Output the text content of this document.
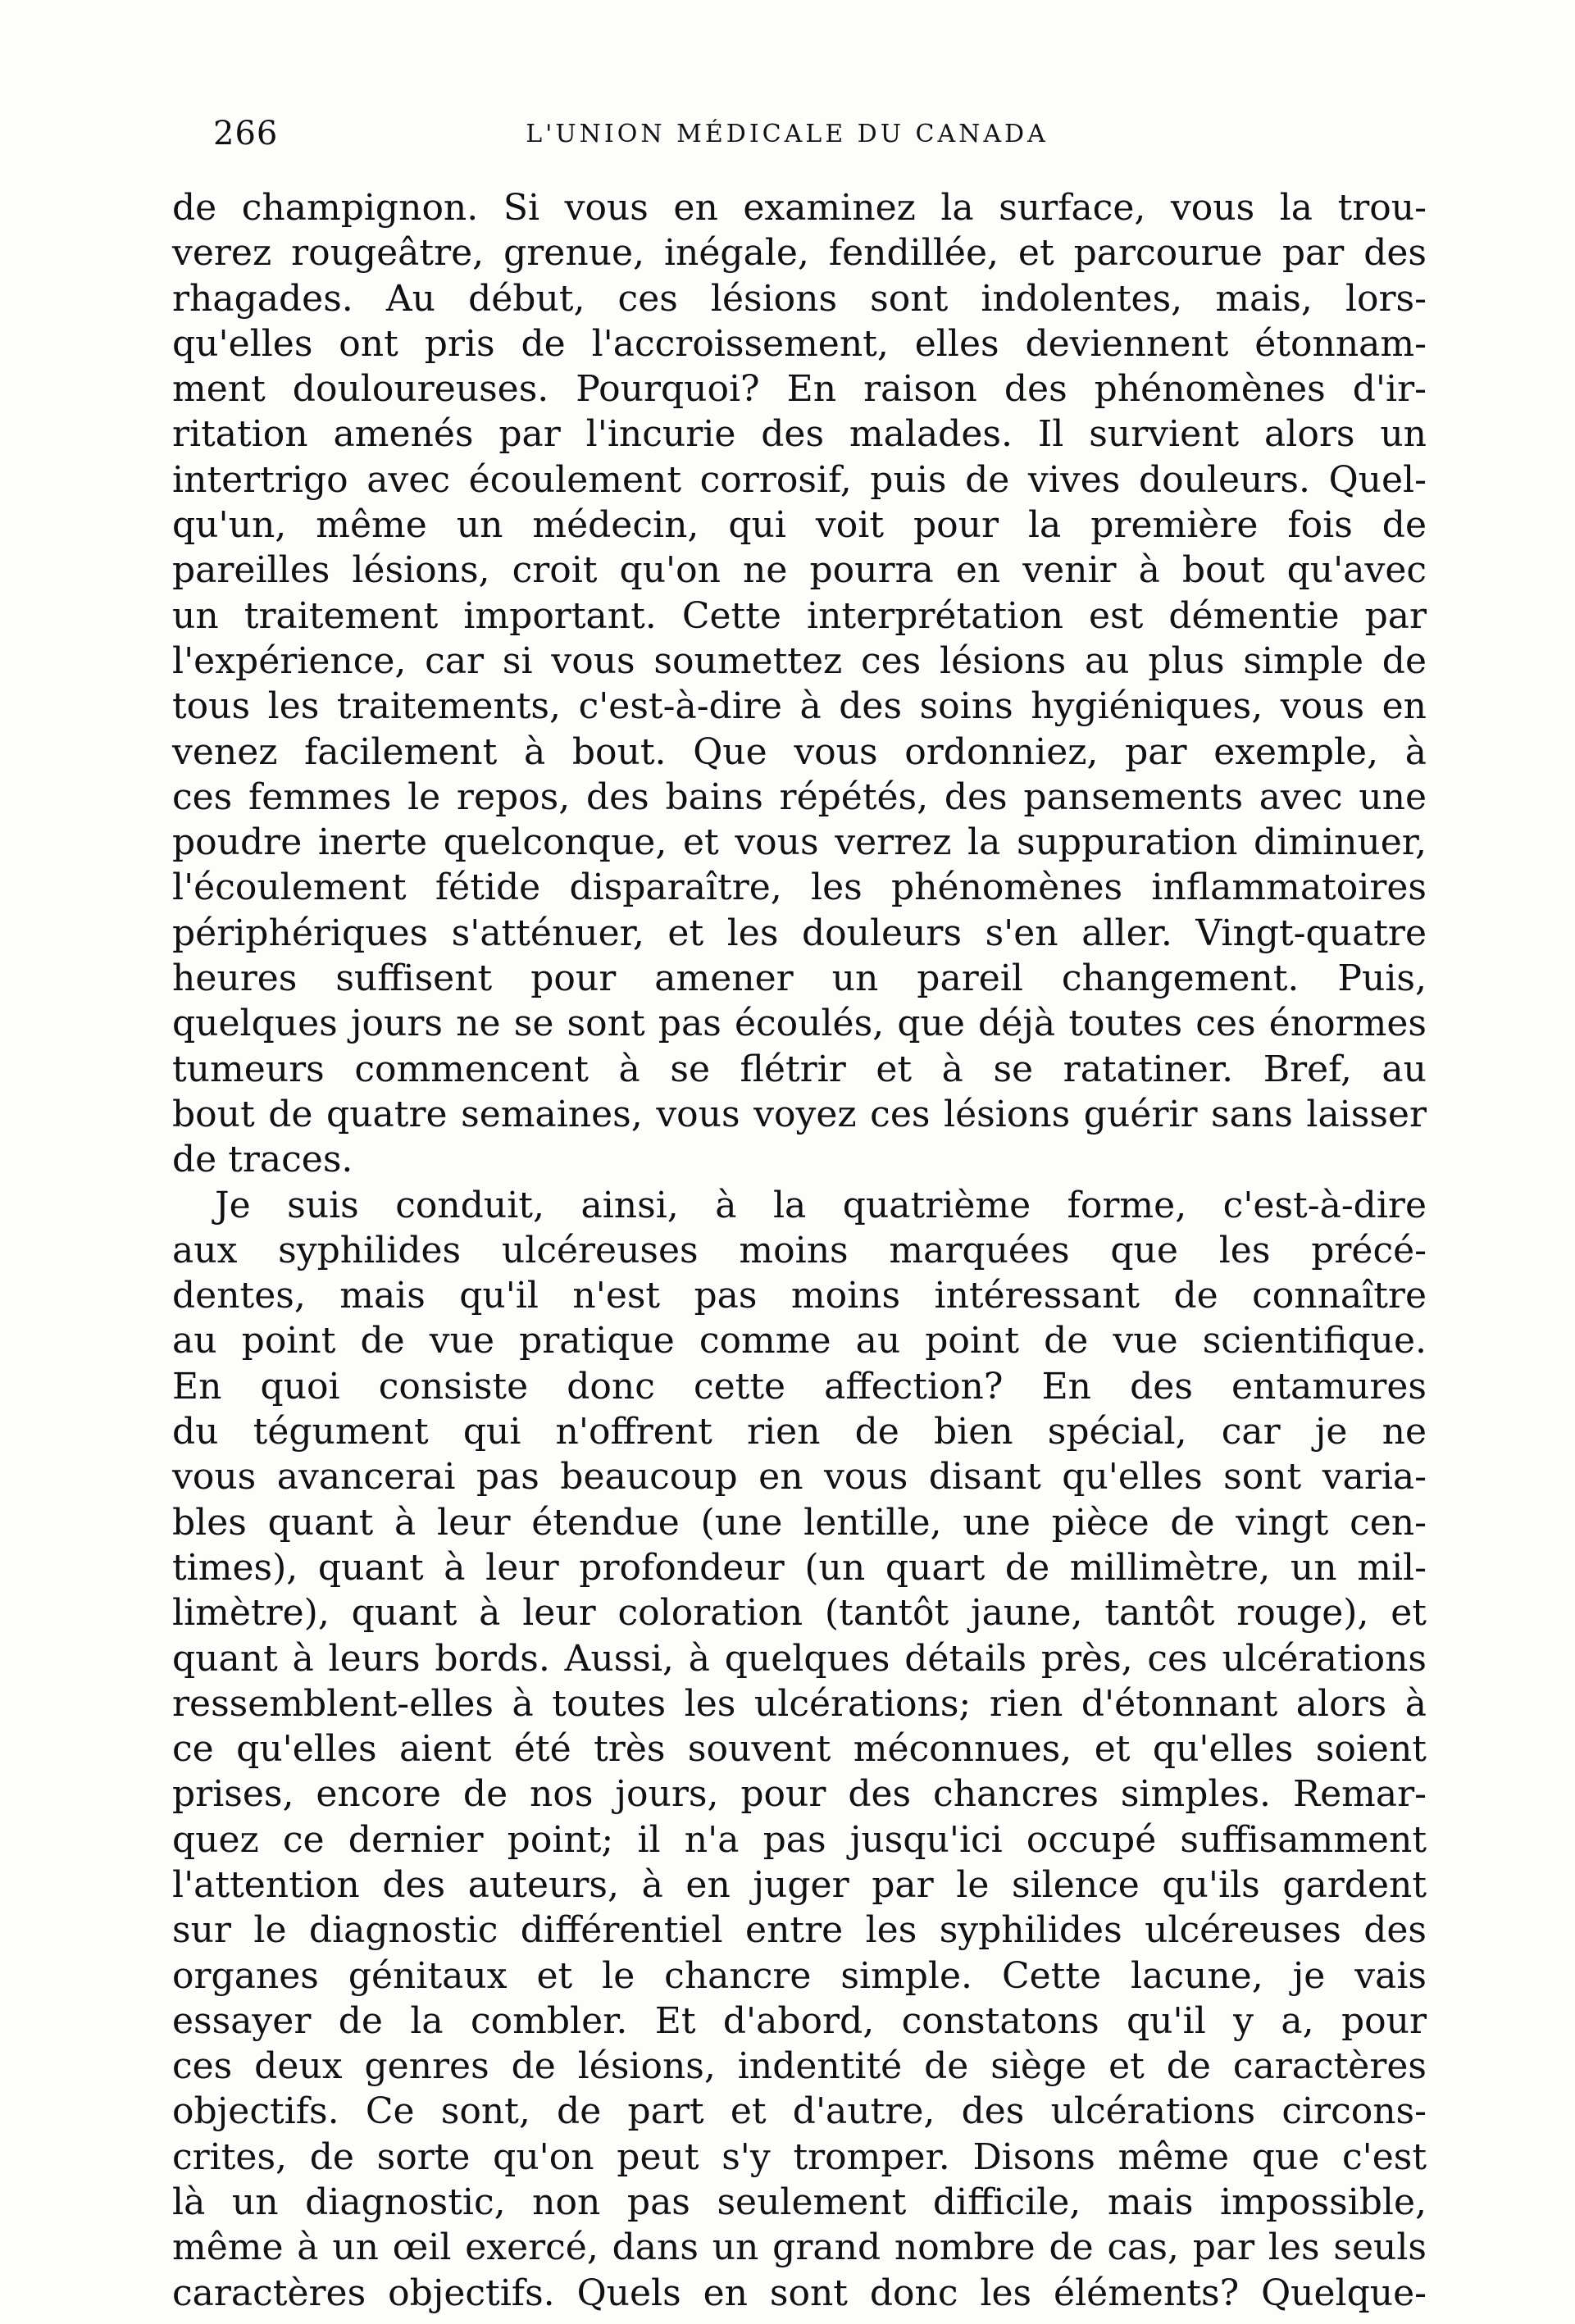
266	L'UNION MÉDICALE DU CANADA
de champignon. Si vous en examinez la surface, vous la trou-
verez rougeâtre, grenue, inégale, fendillée, et parcourue par des
rhagades. Au début, ces lésions sont indolentes, mais, lors-
qu'elles ont pris de l'accroissement, elles deviennent étonnam-
ment douloureuses. Pourquoi? En raison des phénomènes d'ir-
ritation amenés par l'incurie des malades. Il survient alors un
intertrigo avec écoulement corrosif, puis de vives douleurs. Quel-
qu'un, même un médecin, qui voit pour la première fois de
pareilles lésions, croit qu'on ne pourra en venir à bout qu'avec
un traitement important. Cette interprétation est démentie par
l'expérience, car si vous soumettez ces lésions au plus simple de
tous les traitements, c'est-à-dire à des soins hygiéniques, vous en
venez facilement à bout. Que vous ordonniez, par exemple, à
ces femmes le repos, des bains répétés, des pansements avec une
poudre inerte quelconque, et vous verrez la suppuration diminuer,
l'écoulement fétide disparaître, les phénomènes inflammatoires
périphériques s'atténuer, et les douleurs s'en aller. Vingt-quatre
heures suffisent pour amener un pareil changement. Puis,
quelques jours ne se sont pas écoulés, que déjà toutes ces énormes
tumeurs commencent à se flétrir et à se ratatiner. Bref, au
bout de quatre semaines, vous voyez ces lésions guérir sans laisser
de traces.
Je suis conduit, ainsi, à la quatrième forme, c'est-à-dire
aux syphilides ulcéreuses moins marquées que les précé-
dentes, mais qu'il n'est pas moins intéressant de connaître
au point de vue pratique comme au point de vue scientifique.
En quoi consiste donc cette affection? En des entamures
du tégument qui n'offrent rien de bien spécial, car je ne
vous avancerai pas beaucoup en vous disant qu'elles sont varia-
bles quant à leur étendue (une lentille, une pièce de vingt cen-
times), quant à leur profondeur (un quart de millimètre, un mil-
limètre), quant à leur coloration (tantôt jaune, tantôt rouge), et
quant à leurs bords. Aussi, à quelques détails près, ces ulcérations
ressemblent-elles à toutes les ulcérations; rien d'étonnant alors à
ce qu'elles aient été très souvent méconnues, et qu'elles soient
prises, encore de nos jours, pour des chancres simples. Remar-
quez ce dernier point; il n'a pas jusqu'ici occupé suffisamment
l'attention des auteurs, à en juger par le silence qu'ils gardent
sur le diagnostic différentiel entre les syphilides ulcéreuses des
organes génitaux et le chancre simple. Cette lacune, je vais
essayer de la combler. Et d'abord, constatons qu'il y a, pour
ces deux genres de lésions, indentité de siège et de caractères
objectifs. Ce sont, de part et d'autre, des ulcérations circons-
crites, de sorte qu'on peut s'y tromper. Disons même que c'est
là un diagnostic, non pas seulement difficile, mais impossible,
même à un œil exercé, dans un grand nombre de cas, par les seuls
caractères objectifs. Quels en sont donc les éléments? Quelque-
